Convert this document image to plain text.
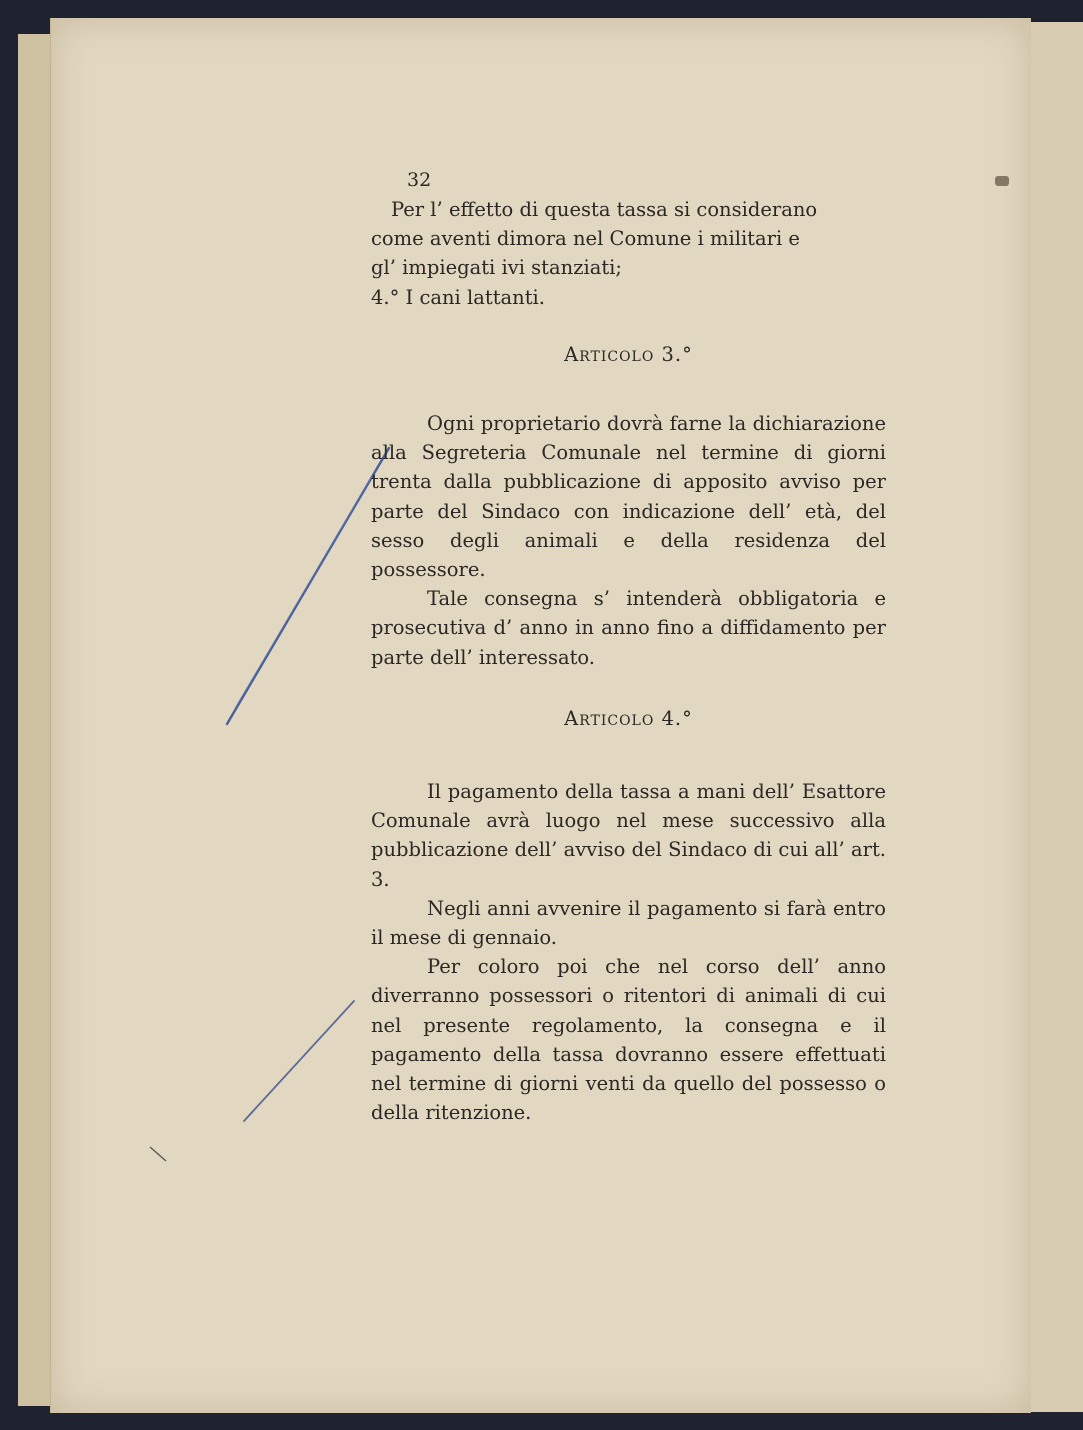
32

Per l’ effetto di questa tassa si considerano

come aventi dimora nel Comune i militari e

gl’ impiegati ivi stanziati;

4.° I cani lattanti.

Articolo 3.°

Ogni proprietario dovrà farne la dichiarazione alla Segreteria Comunale nel termine di giorni trenta dalla pubblicazione di apposito avviso per parte del Sindaco con indicazione dell’ età, del sesso degli animali e della residenza del possessore.

Tale consegna s’ intenderà obbligatoria e prosecutiva d’ anno in anno fino a diffidamento per parte dell’ interessato.

Articolo 4.°

Il pagamento della tassa a mani dell’ Esattore Comunale avrà luogo nel mese successivo alla pubblicazione dell’ avviso del Sindaco di cui all’ art. 3.

Negli anni avvenire il pagamento si farà entro il mese di gennaio.

Per coloro poi che nel corso dell’ anno diverranno possessori o ritentori di animali di cui nel presente regolamento, la consegna e il pagamento della tassa dovranno essere effettuati nel termine di giorni venti da quello del possesso o della ritenzione.
